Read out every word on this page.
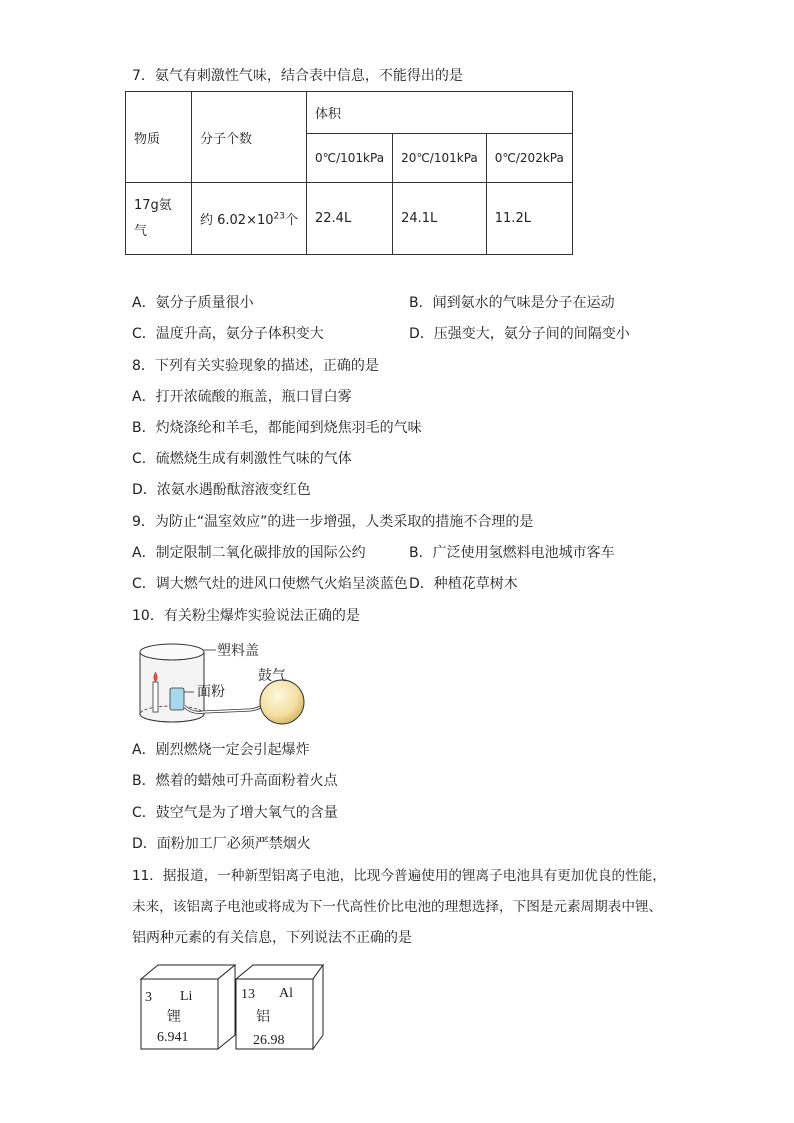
7．氨气有刺激性气味，结合表中信息，不能得出的是
物质	分子个数	体积		
		0℃/101kPa	20℃/101kPa	0℃/202kPa
17g氨气	约 $6.02\times 10^{23}$个	22.4L	24.1L	11.2L
A．氨分子质量很小	B．闻到氨水的气味是分子在运动
C．温度升高，氨分子体积变大	D．压强变大，氨分子间的间隔变小
8．下列有关实验现象的描述，正确的是
A．打开浓硫酸的瓶盖，瓶口冒白雾
B．灼烧涤纶和羊毛，都能闻到烧焦羽毛的气味
C．硫燃烧生成有刺激性气味的气体
D．浓氨水遇酚酞溶液变红色
9．为防止“温室效应”的进一步增强，人类采取的措施不合理的是
A．制定限制二氧化碳排放的国际公约	B．广泛使用氢燃料电池城市客车
C．调大燃气灶的进风口使燃气火焰呈淡蓝色 D．种植花草树木
10．有关粉尘爆炸实验说法正确的是
塑料盖
面粉
鼓气
A．剧烈燃烧一定会引起爆炸
B．燃着的蜡烛可升高面粉着火点
C．鼓空气是为了增大氧气的含量
D．面粉加工厂必须严禁烟火
11．据报道，一种新型铝离子电池，比现今普遍使用的锂离子电池具有更加优良的性能，
未来，该铝离子电池或将成为下一代高性价比电池的理想选择，下图是元素周期表中锂、
铝两种元素的有关信息，下列说法不正确的是
3 Li
锂
6.941
13 Al
铝
26.98
